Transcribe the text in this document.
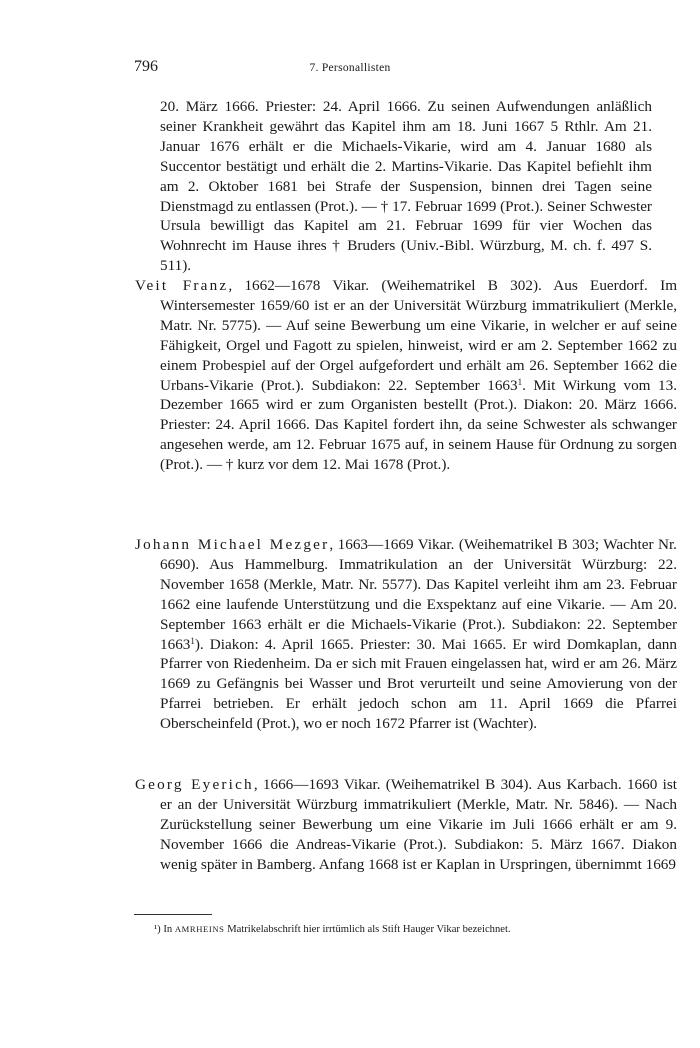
796	7. Personallisten

20. März 1666. Priester: 24. April 1666. Zu seinen Aufwendungen anläßlich seiner Krankheit gewährt das Kapitel ihm am 18. Juni 1667 5 Rthlr. Am 21. Januar 1676 erhält er die Michaels-Vikarie, wird am 4. Januar 1680 als Succentor bestätigt und erhält die 2. Martins-Vikarie. Das Kapitel befiehlt ihm am 2. Oktober 1681 bei Strafe der Suspension, binnen drei Tagen seine Dienstmagd zu entlassen (Prot.). — † 17. Februar 1699 (Prot.). Seiner Schwester Ursula bewilligt das Kapitel am 21. Februar 1699 für vier Wochen das Wohnrecht im Hause ihres † Bruders (Univ.-Bibl. Würzburg, M. ch. f. 497 S. 511).

Veit Franz, 1662—1678 Vikar. (Weihematrikel B 302). Aus Euerdorf. Im Wintersemester 1659/60 ist er an der Universität Würzburg immatrikuliert (Merkle, Matr. Nr. 5775). — Auf seine Bewerbung um eine Vikarie, in welcher er auf seine Fähigkeit, Orgel und Fagott zu spielen, hinweist, wird er am 2. September 1662 zu einem Probespiel auf der Orgel aufgefordert und erhält am 26. September 1662 die Urbans-Vikarie (Prot.). Subdiakon: 22. September 1663$^1$. Mit Wirkung vom 13. Dezember 1665 wird er zum Organisten bestellt (Prot.). Diakon: 20. März 1666. Priester: 24. April 1666. Das Kapitel fordert ihn, da seine Schwester als schwanger angesehen werde, am 12. Februar 1675 auf, in seinem Hause für Ordnung zu sorgen (Prot.). — † kurz vor dem 12. Mai 1678 (Prot.).

Johann Michael Mezger, 1663—1669 Vikar. (Weihematrikel B 303; Wachter Nr. 6690). Aus Hammelburg. Immatrikulation an der Universität Würzburg: 22. November 1658 (Merkle, Matr. Nr. 5577). Das Kapitel verleiht ihm am 23. Februar 1662 eine laufende Unterstützung und die Exspektanz auf eine Vikarie. — Am 20. September 1663 erhält er die Michaels-Vikarie (Prot.). Subdiakon: 22. September 1663$^1$). Diakon: 4. April 1665. Priester: 30. Mai 1665. Er wird Domkaplan, dann Pfarrer von Riedenheim. Da er sich mit Frauen eingelassen hat, wird er am 26. März 1669 zu Gefängnis bei Wasser und Brot verurteilt und seine Amovierung von der Pfarrei betrieben. Er erhält jedoch schon am 11. April 1669 die Pfarrei Oberscheinfeld (Prot.), wo er noch 1672 Pfarrer ist (Wachter).

Georg Eyerich, 1666—1693 Vikar. (Weihematrikel B 304). Aus Karbach. 1660 ist er an der Universität Würzburg immatrikuliert (Merkle, Matr. Nr. 5846). — Nach Zurückstellung seiner Bewerbung um eine Vikarie im Juli 1666 erhält er am 9. November 1666 die Andreas-Vikarie (Prot.). Subdiakon: 5. März 1667. Diakon wenig später in Bamberg. Anfang 1668 ist er Kaplan in Urspringen, übernimmt 1669

¹) In AMRHEINS Matrikelabschrift hier irrtümlich als Stift Hauger Vikar bezeichnet.
